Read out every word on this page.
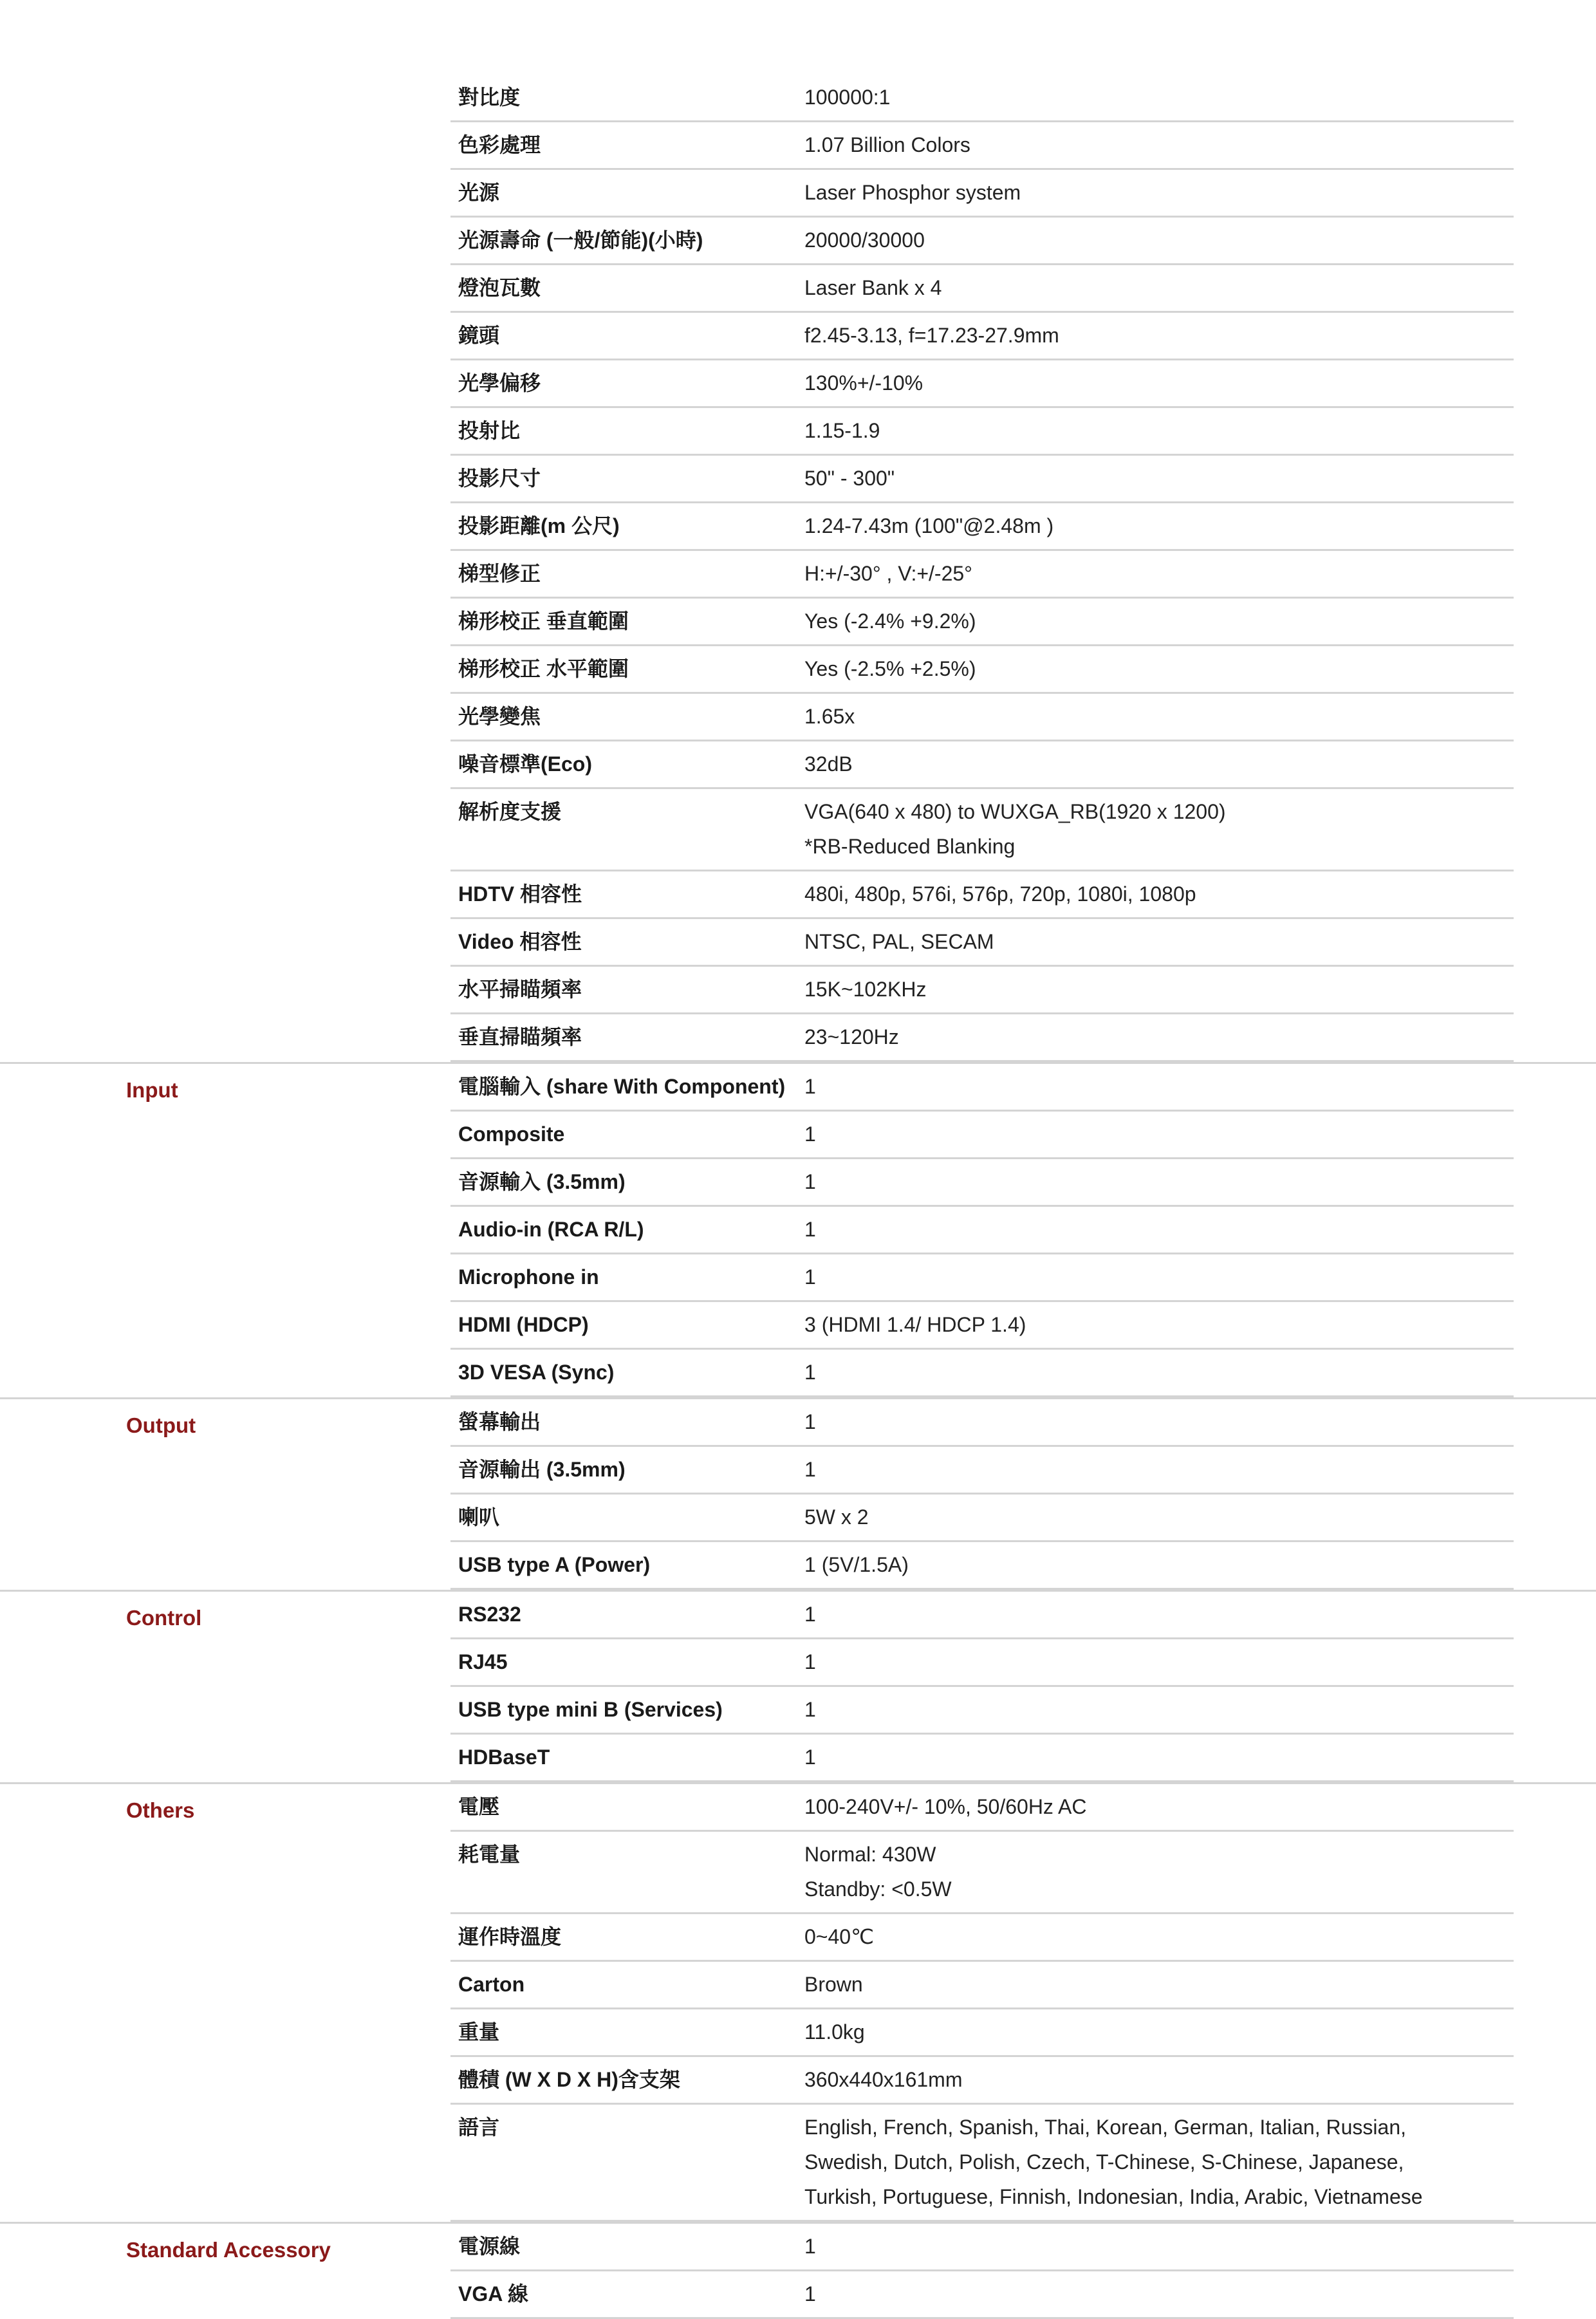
對比度	100000:1
色彩處理	1.07 Billion Colors
光源	Laser Phosphor system
光源壽命 (一般/節能)(小時)	20000/30000
燈泡瓦數	Laser Bank x 4
鏡頭	f2.45-3.13, f=17.23-27.9mm
光學偏移	130%+/-10%
投射比	1.15-1.9
投影尺寸	50" - 300"
投影距離(m 公尺)	1.24-7.43m (100"@2.48m )
梯型修正	H:+/-30° , V:+/-25°
梯形校正 垂直範圍	Yes (-2.4% +9.2%)
梯形校正 水平範圍	Yes (-2.5% +2.5%)
光學變焦	1.65x
噪音標準(Eco)	32dB
解析度支援	VGA(640 x 480) to WUXGA_RB(1920 x 1200)
*RB-Reduced Blanking
HDTV 相容性	480i, 480p, 576i, 576p, 720p, 1080i, 1080p
Video 相容性	NTSC, PAL, SECAM
水平掃瞄頻率	15K~102KHz
垂直掃瞄頻率	23~120Hz
Input	電腦輸入 (share With Component) 1
Composite	1
音源輸入 (3.5mm)	1
Audio-in (RCA R/L)	1
Microphone in	1
HDMI (HDCP)	3 (HDMI 1.4/ HDCP 1.4)
3D VESA (Sync)	1
Output	螢幕輸出	1
音源輸出 (3.5mm)	1
喇叭	5W x 2
USB type A (Power)	1 (5V/1.5A)
Control	RS232	1
RJ45	1
USB type mini B (Services)	1
HDBaseT	1
Others	電壓	100-240V+/- 10%, 50/60Hz AC
耗電量	Normal: 430W
Standby: <0.5W
運作時溫度	0~40℃
Carton	Brown
重量	11.0kg
體積 (W X D X H)含支架	360x440x161mm
語言	English, French, Spanish, Thai, Korean, German, Italian, Russian,
Swedish, Dutch, Polish, Czech, T-Chinese, S-Chinese, Japanese,
Turkish, Portuguese, Finnish, Indonesian, India, Arabic, Vietnamese
Standard Accessory	電源線	1
VGA 線	1
